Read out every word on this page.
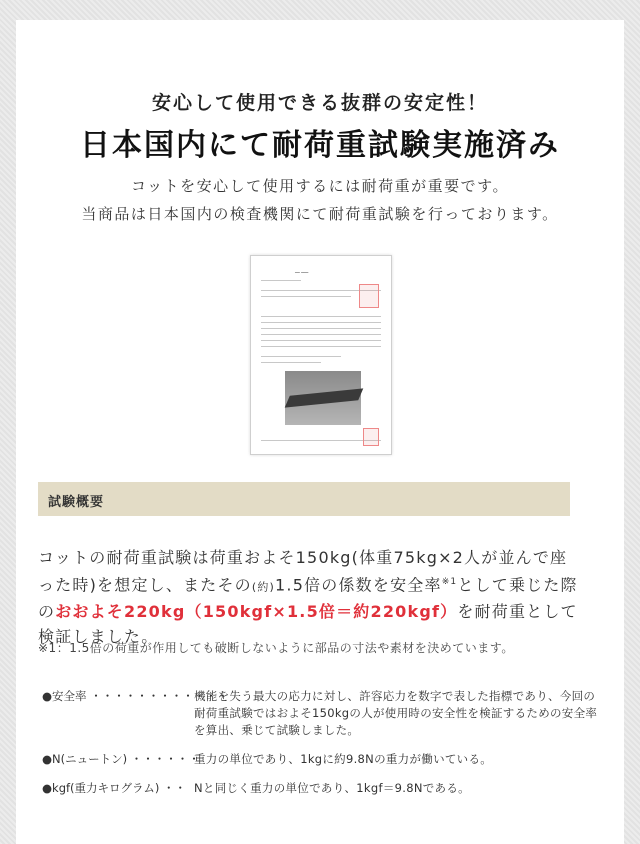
安心して使用できる抜群の安定性！
日本国内にて耐荷重試験実施済み
コットを安心して使用するには耐荷重が重要です。
当商品は日本国内の検査機関にて耐荷重試験を行っております。
━━ ━━━
試験概要
コットの耐荷重試験は荷重およそ150kg(体重75kg×2人が並んで座った時)を想定し、またその(約)1.5倍の係数を安全率$^{※1}$として乗じた際のおおよそ220kg（150kgf×1.5倍＝約220kgf）を耐荷重として検証しました。
※1：1.5倍の荷重が作用しても破断しないように部品の寸法や素材を決めています。
●安全率 ・・・・・・・・・・・・
機能を失う最大の応力に対し、許容応力を数字で表した指標であり、今回の耐荷重試験ではおよそ150kgの人が使用時の安全性を検証するための安全率を算出、乗じて試験しました。
●N(ニュートン) ・・・・・・
重力の単位であり、1kgに約9.8Nの重力が働いている。
●kgf(重力キログラム) ・・ Nと同じく重力の単位であり、1kgf＝9.8Nである。
